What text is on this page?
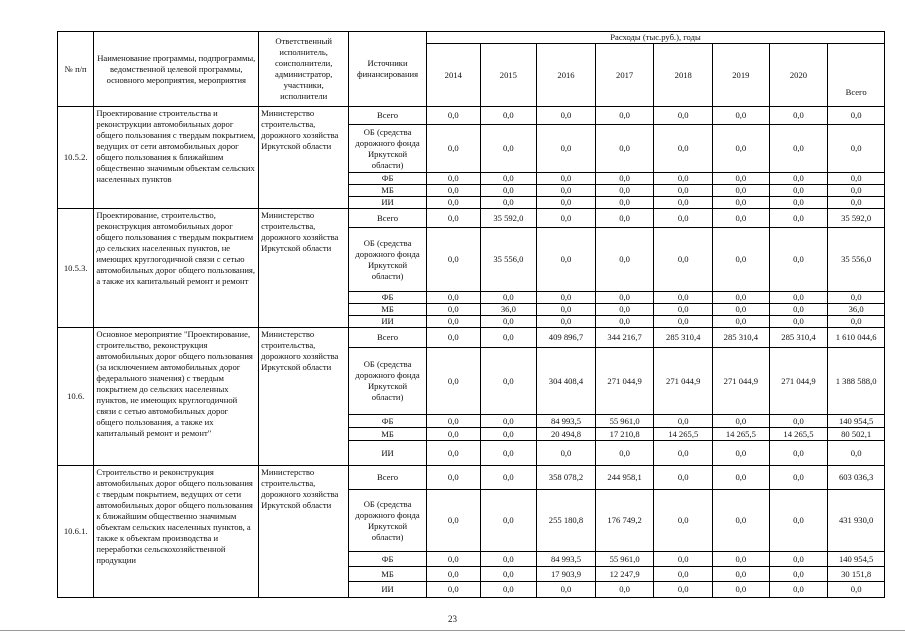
№ п/п	Наименование программы, подпрограммы, ведомственной целевой программы, основного мероприятия, мероприятия	Ответственный исполнитель, соисполнители, администратор, участники, исполнители	Источники финансирования	Расходы (тыс.руб.), годы							
				2014	2015	2016	2017	2018	2019	2020	Всего
10.5.2.	Проектирование строительства и реконструкции автомобильных дорог общего пользования с твердым покрытием, ведущих от сети автомобильных дорог общего пользования к ближайшим общественно значимым объектам сельских населенных пунктов	Министерство строительства, дорожного хозяйства Иркутской области	Всего	0,0	0,0	0,0	0,0	0,0	0,0	0,0	0,0
			ОБ (средства дорожного фонда Иркутской области)	0,0	0,0	0,0	0,0	0,0	0,0	0,0	0,0
			ФБ	0,0	0,0	0,0	0,0	0,0	0,0	0,0	0,0
			МБ	0,0	0,0	0,0	0,0	0,0	0,0	0,0	0,0
			ИИ	0,0	0,0	0,0	0,0	0,0	0,0	0,0	0,0
10.5.3.	Проектирование, строительство, реконструкция автомобильных дорог общего пользования с твердым покрытием до сельских населенных пунктов, не имеющих круглогодичной связи с сетью автомобильных дорог общего пользования, а также их капитальный ремонт и ремонт	Министерство строительства, дорожного хозяйства Иркутской области	Всего	0,0	35 592,0	0,0	0,0	0,0	0,0	0,0	35 592,0
			ОБ (средства дорожного фонда Иркутской области)	0,0	35 556,0	0,0	0,0	0,0	0,0	0,0	35 556,0
			ФБ	0,0	0,0	0,0	0,0	0,0	0,0	0,0	0,0
			МБ	0,0	36,0	0,0	0,0	0,0	0,0	0,0	36,0
			ИИ	0,0	0,0	0,0	0,0	0,0	0,0	0,0	0,0
10.6.	Основное мероприятие "Проектирование, строительство, реконструкция автомобильных дорог общего пользования (за исключением автомобильных дорог федерального значения) с твердым покрытием до сельских населенных пунктов, не имеющих круглогодичной связи с сетью автомобильных дорог общего пользования, а также их капитальный ремонт и ремонт"	Министерство строительства, дорожного хозяйства Иркутской области	Всего	0,0	0,0	409 896,7	344 216,7	285 310,4	285 310,4	285 310,4	1 610 044,6
			ОБ (средства дорожного фонда Иркутской области)	0,0	0,0	304 408,4	271 044,9	271 044,9	271 044,9	271 044,9	1 388 588,0
			ФБ	0,0	0,0	84 993,5	55 961,0	0,0	0,0	0,0	140 954,5
			МБ	0,0	0,0	20 494,8	17 210,8	14 265,5	14 265,5	14 265,5	80 502,1
			ИИ	0,0	0,0	0,0	0,0	0,0	0,0	0,0	0,0
10.6.1.	Строительство и реконструкция автомобильных дорог общего пользования с твердым покрытием, ведущих от сети автомобильных дорог общего пользования к ближайшим общественно значимым объектам сельских населенных пунктов, а также к объектам производства и переработки сельскохозяйственной продукции	Министерство строительства, дорожного хозяйства Иркутской области	Всего	0,0	0,0	358 078,2	244 958,1	0,0	0,0	0,0	603 036,3
			ОБ (средства дорожного фонда Иркутской области)	0,0	0,0	255 180,8	176 749,2	0,0	0,0	0,0	431 930,0
			ФБ	0,0	0,0	84 993,5	55 961,0	0,0	0,0	0,0	140 954,5
			МБ	0,0	0,0	17 903,9	12 247,9	0,0	0,0	0,0	30 151,8
			ИИ	0,0	0,0	0,0	0,0	0,0	0,0	0,0	0,0
23
